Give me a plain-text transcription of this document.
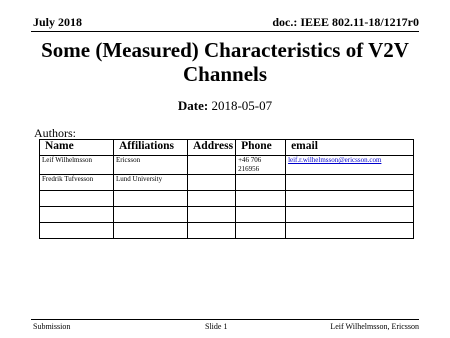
July 2018	doc.: IEEE 802.11-18/1217r0
Some (Measured) Characteristics of V2V Channels
Date: 2018-05-07
Authors:
Name	Affiliations	Address	Phone	email
Leif Wilhelmsson	Ericsson		+46 706 216956	leif.r.wilhelmsson@ericsson.com
Fredrik Tufvesson	Lund University			

Submission	Slide 1	Leif Wilhelmsson, Ericsson
